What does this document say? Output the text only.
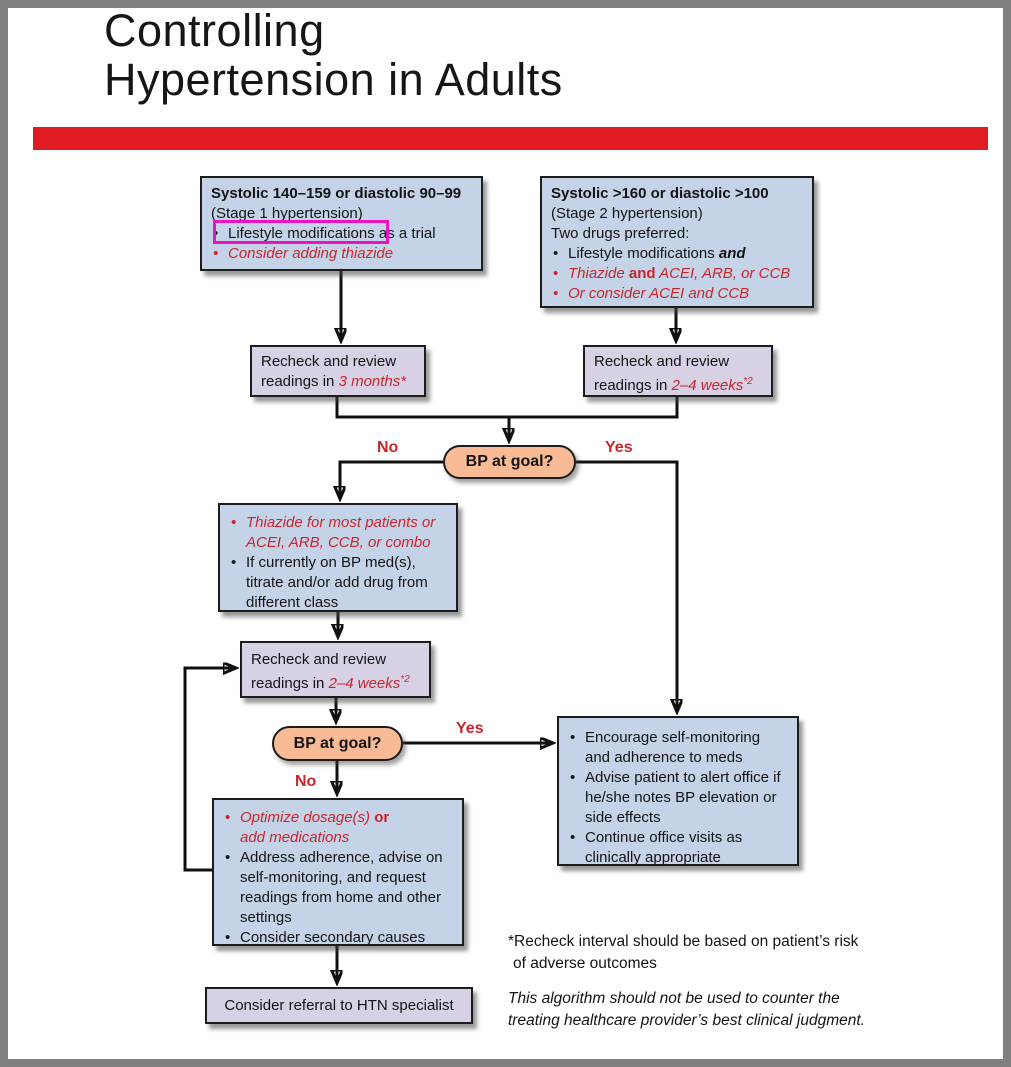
Controlling
Hypertension in Adults
Systolic 140–159 or diastolic 90–99
(Stage 1 hypertension)
• Lifestyle modifications as a trial
• Consider adding thiazide
Systolic >160 or diastolic >100
(Stage 2 hypertension)
Two drugs preferred:
• Lifestyle modifications and
• Thiazide and ACEI, ARB, or CCB
• Or consider ACEI and CCB
Recheck and review
readings in 3 months*
Recheck and review
readings in 2–4 weeks$^{*2}$
BP at goal?
No	Yes
• Thiazide for most patients or
ACEI, ARB, CCB, or combo
• If currently on BP med(s), titrate and/or add drug from different class
Recheck and review
readings in 2–4 weeks$^{*2}$
BP at goal?
Yes
No
• Encourage self-monitoring and adherence to meds
• Advise patient to alert office if he/she notes BP elevation or side effects
• Continue office visits as clinically appropriate
• Optimize dosage(s) or
add medications
• Address adherence, advise on self-monitoring, and request readings from home and other settings
• Consider secondary causes
Consider referral to HTN specialist
*Recheck interval should be based on patient’s risk
of adverse outcomes
This algorithm should not be used to counter the
treating healthcare provider’s best clinical judgment.
